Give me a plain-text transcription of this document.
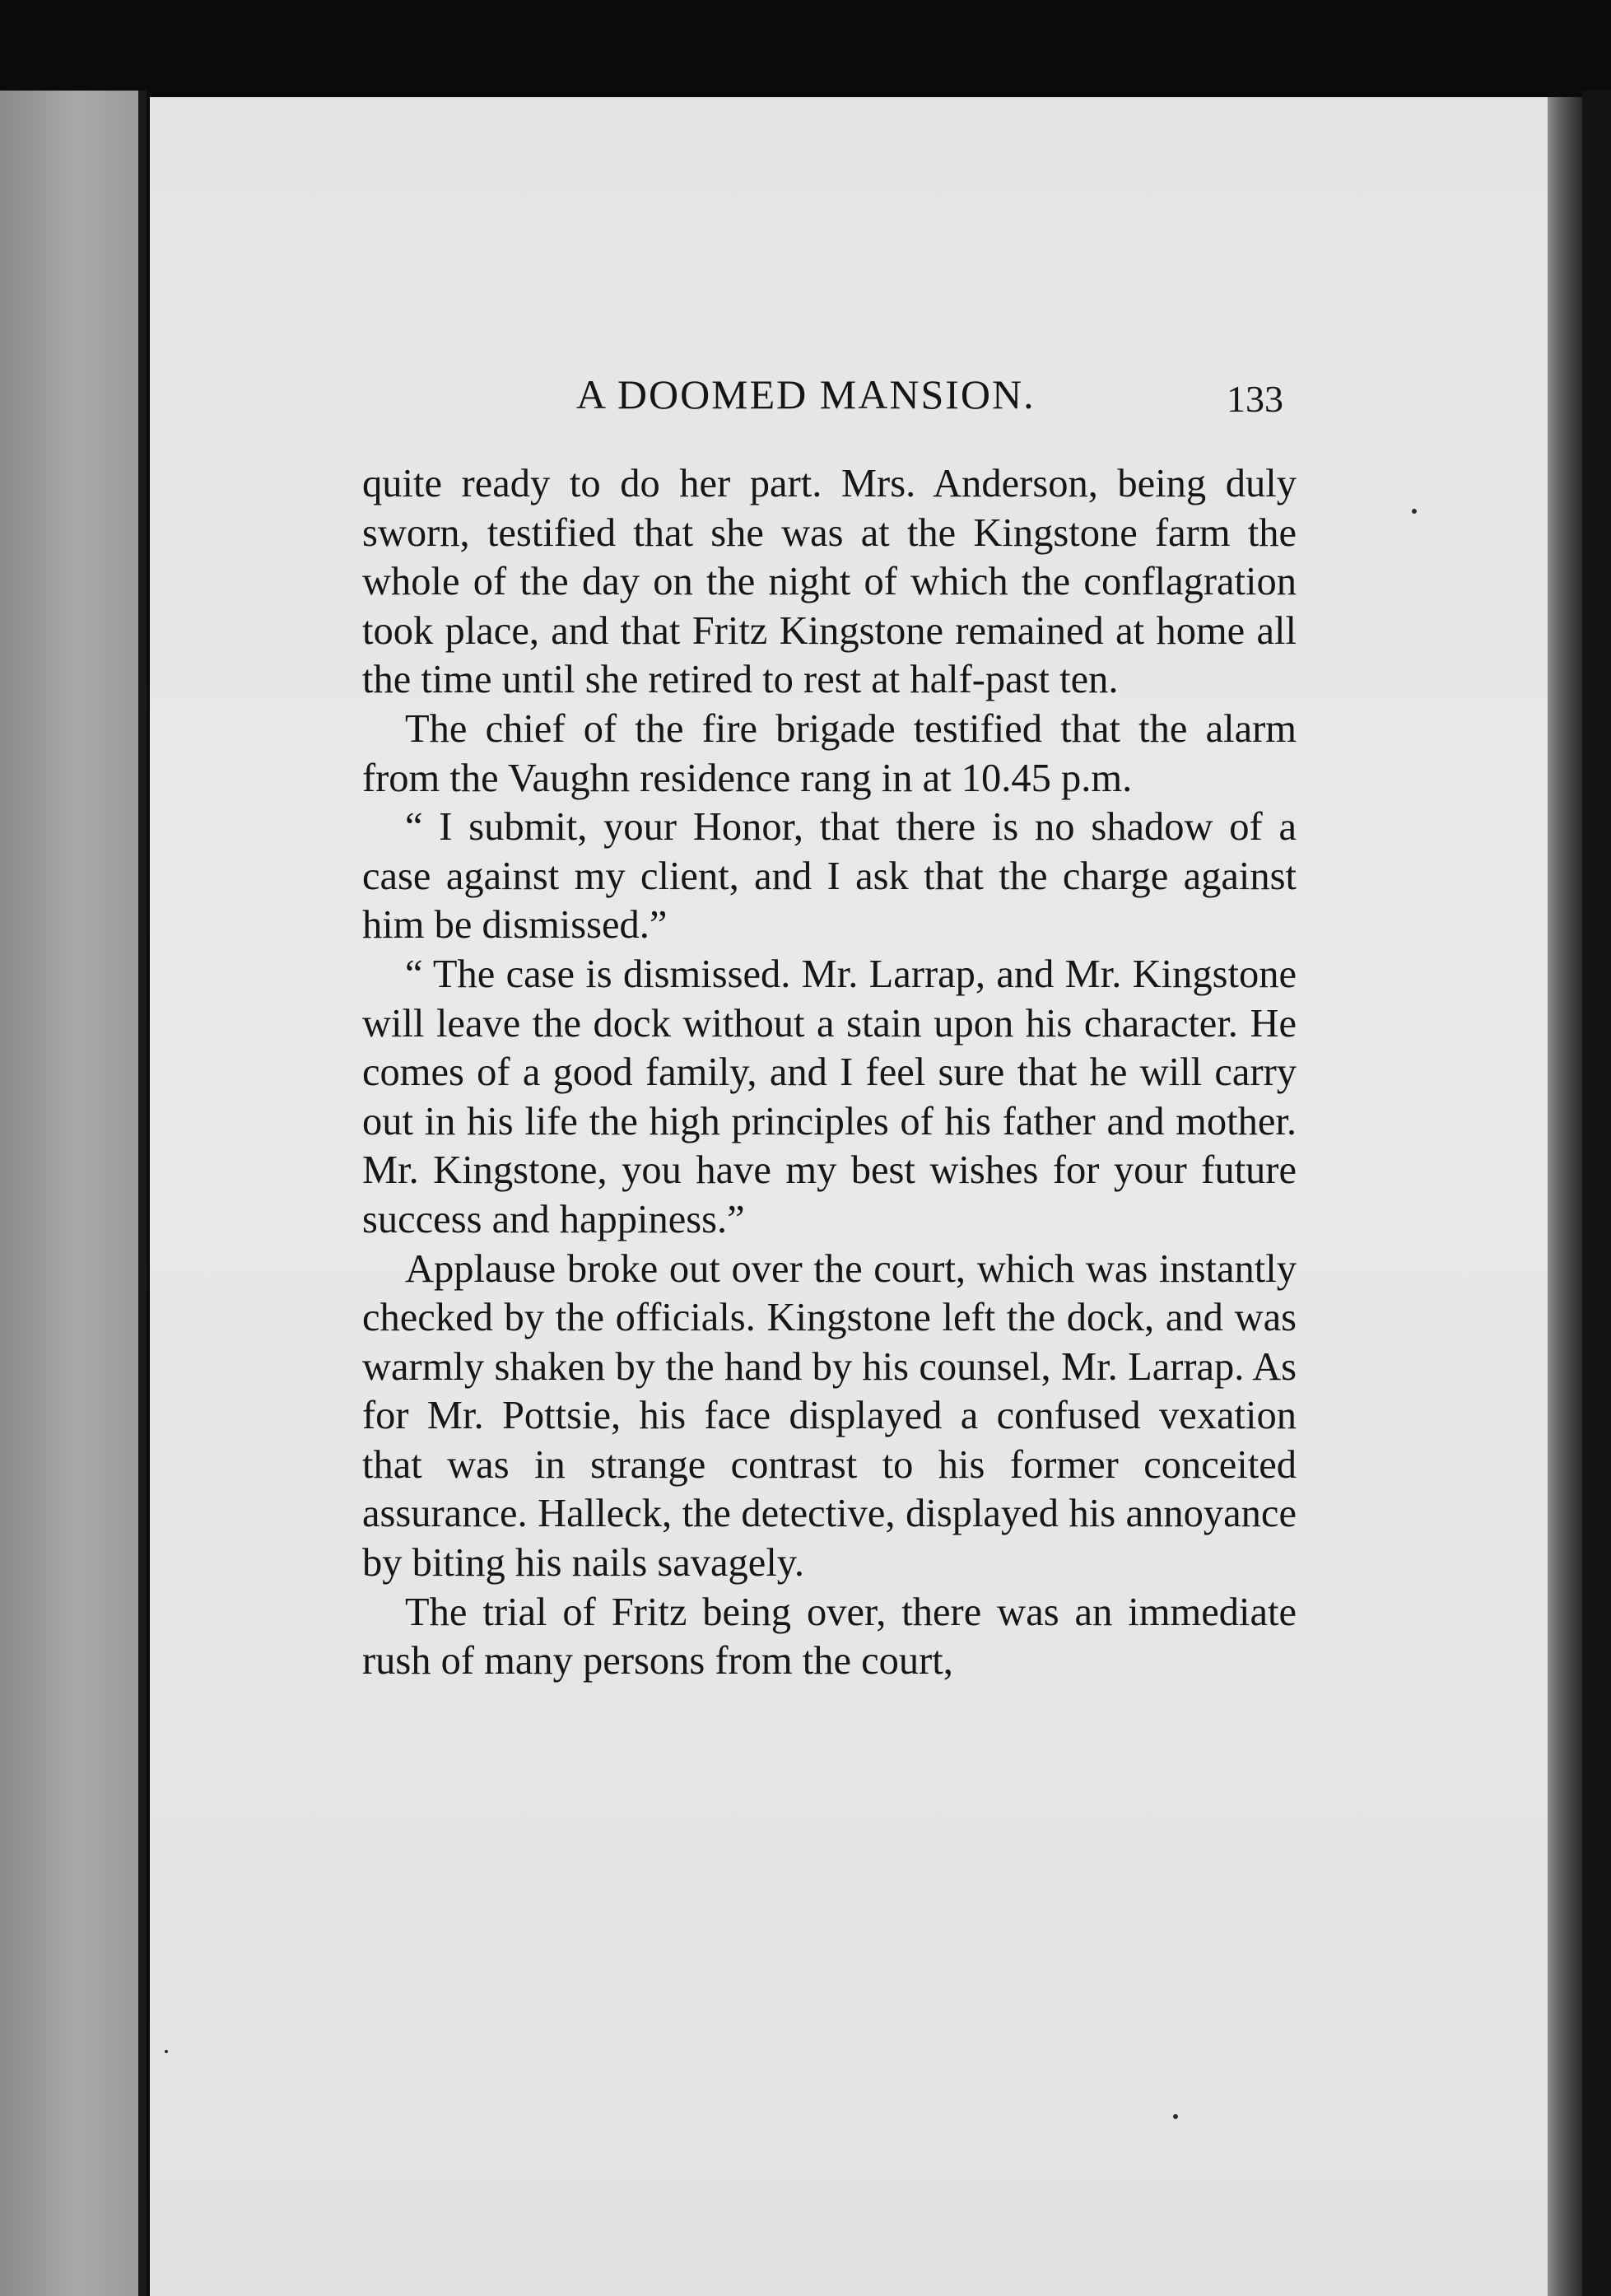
A DOOMED MANSION.	133

quite ready to do her part. Mrs. Anderson, being duly sworn, testified that she was at the Kingstone farm the whole of the day on the night of which the conflagration took place, and that Fritz Kingstone remained at home all the time until she retired to rest at half-past ten.

The chief of the fire brigade testified that the alarm from the Vaughn residence rang in at 10.45 p.m.

“ I submit, your Honor, that there is no shadow of a case against my client, and I ask that the charge against him be dismissed.”

“ The case is dismissed. Mr. Larrap, and Mr. Kingstone will leave the dock without a stain upon his character. He comes of a good family, and I feel sure that he will carry out in his life the high principles of his father and mother. Mr. Kingstone, you have my best wishes for your future success and happiness.”

Applause broke out over the court, which was instantly checked by the officials. Kingstone left the dock, and was warmly shaken by the hand by his counsel, Mr. Larrap. As for Mr. Pottsie, his face displayed a confused vexation that was in strange contrast to his former conceited assurance. Halleck, the detective, displayed his annoyance by biting his nails savagely.

The trial of Fritz being over, there was an immediate rush of many persons from the court,
